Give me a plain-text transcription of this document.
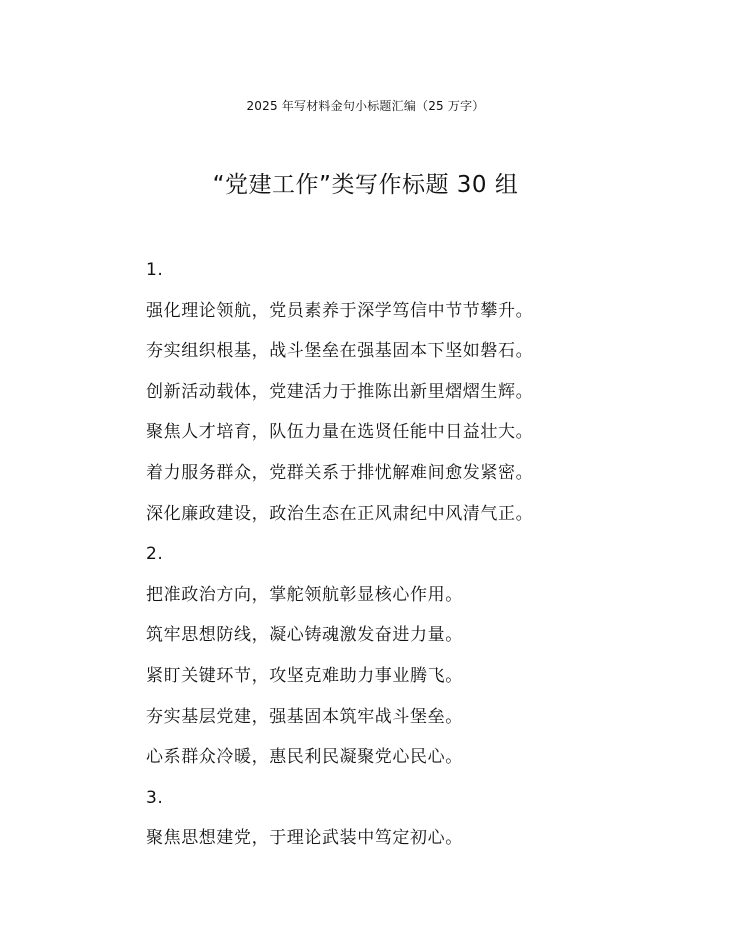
2025 年写材料金句小标题汇编（25 万字）
“党建工作”类写作标题 30 组
1.
强化理论领航，党员素养于深学笃信中节节攀升。
夯实组织根基，战斗堡垒在强基固本下坚如磐石。
创新活动载体，党建活力于推陈出新里熠熠生辉。
聚焦人才培育，队伍力量在选贤任能中日益壮大。
着力服务群众，党群关系于排忧解难间愈发紧密。
深化廉政建设，政治生态在正风肃纪中风清气正。
2.
把准政治方向，掌舵领航彰显核心作用。
筑牢思想防线，凝心铸魂激发奋进力量。
紧盯关键环节，攻坚克难助力事业腾飞。
夯实基层党建，强基固本筑牢战斗堡垒。
心系群众冷暖，惠民利民凝聚党心民心。
3.
聚焦思想建党，于理论武装中笃定初心。
